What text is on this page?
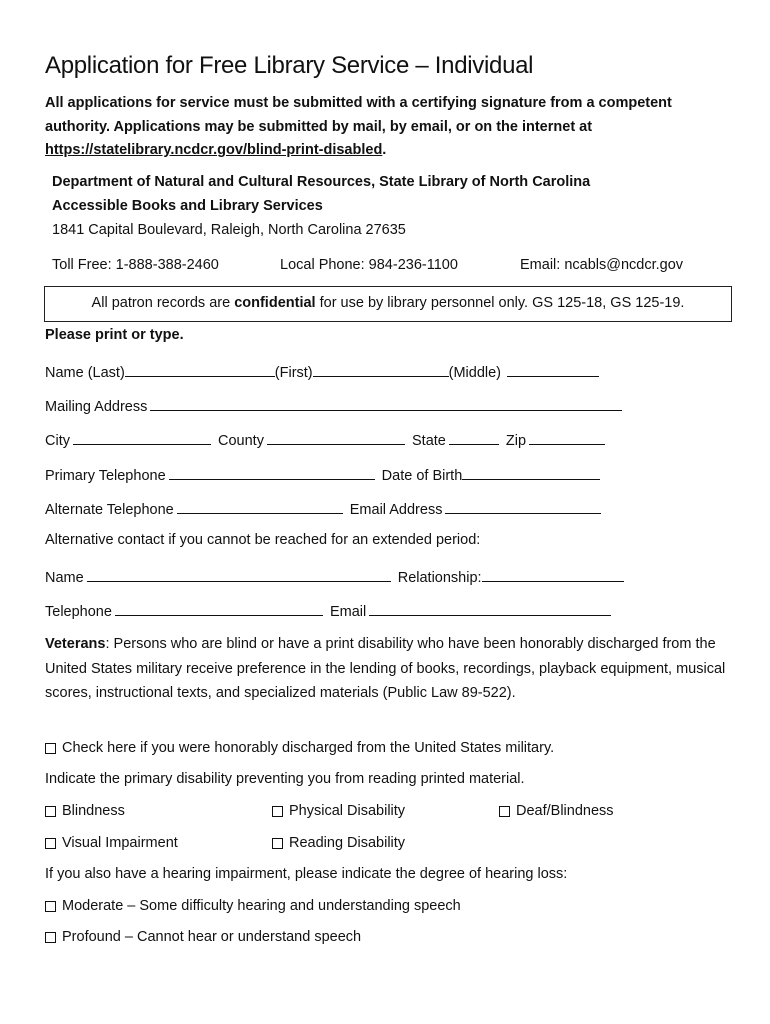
Application for Free Library Service – Individual
All applications for service must be submitted with a certifying signature from a competent authority. Applications may be submitted by mail, by email, or on the internet at https://statelibrary.ncdcr.gov/blind-print-disabled.
Department of Natural and Cultural Resources, State Library of North Carolina
Accessible Books and Library Services
1841 Capital Boulevard, Raleigh, North Carolina 27635
Toll Free: 1-888-388-2460	Local Phone: 984-236-1100	Email: ncabls@ncdcr.gov
All patron records are confidential for use by library personnel only. GS 125-18, GS 125-19.
Please print or type.
Name (Last)	(First)	(Middle)
Mailing Address
City	County	State	Zip
Primary Telephone	Date of Birth
Alternate Telephone	Email Address
Alternative contact if you cannot be reached for an extended period:
Name	Relationship:
Telephone	Email
Veterans: Persons who are blind or have a print disability who have been honorably discharged from the United States military receive preference in the lending of books, recordings, playback equipment, musical scores, instructional texts, and specialized materials (Public Law 89-522).
Check here if you were honorably discharged from the United States military.
Indicate the primary disability preventing you from reading printed material.
Blindness	Physical Disability	Deaf/Blindness
Visual Impairment	Reading Disability
If you also have a hearing impairment, please indicate the degree of hearing loss:
Moderate – Some difficulty hearing and understanding speech
Profound – Cannot hear or understand speech
